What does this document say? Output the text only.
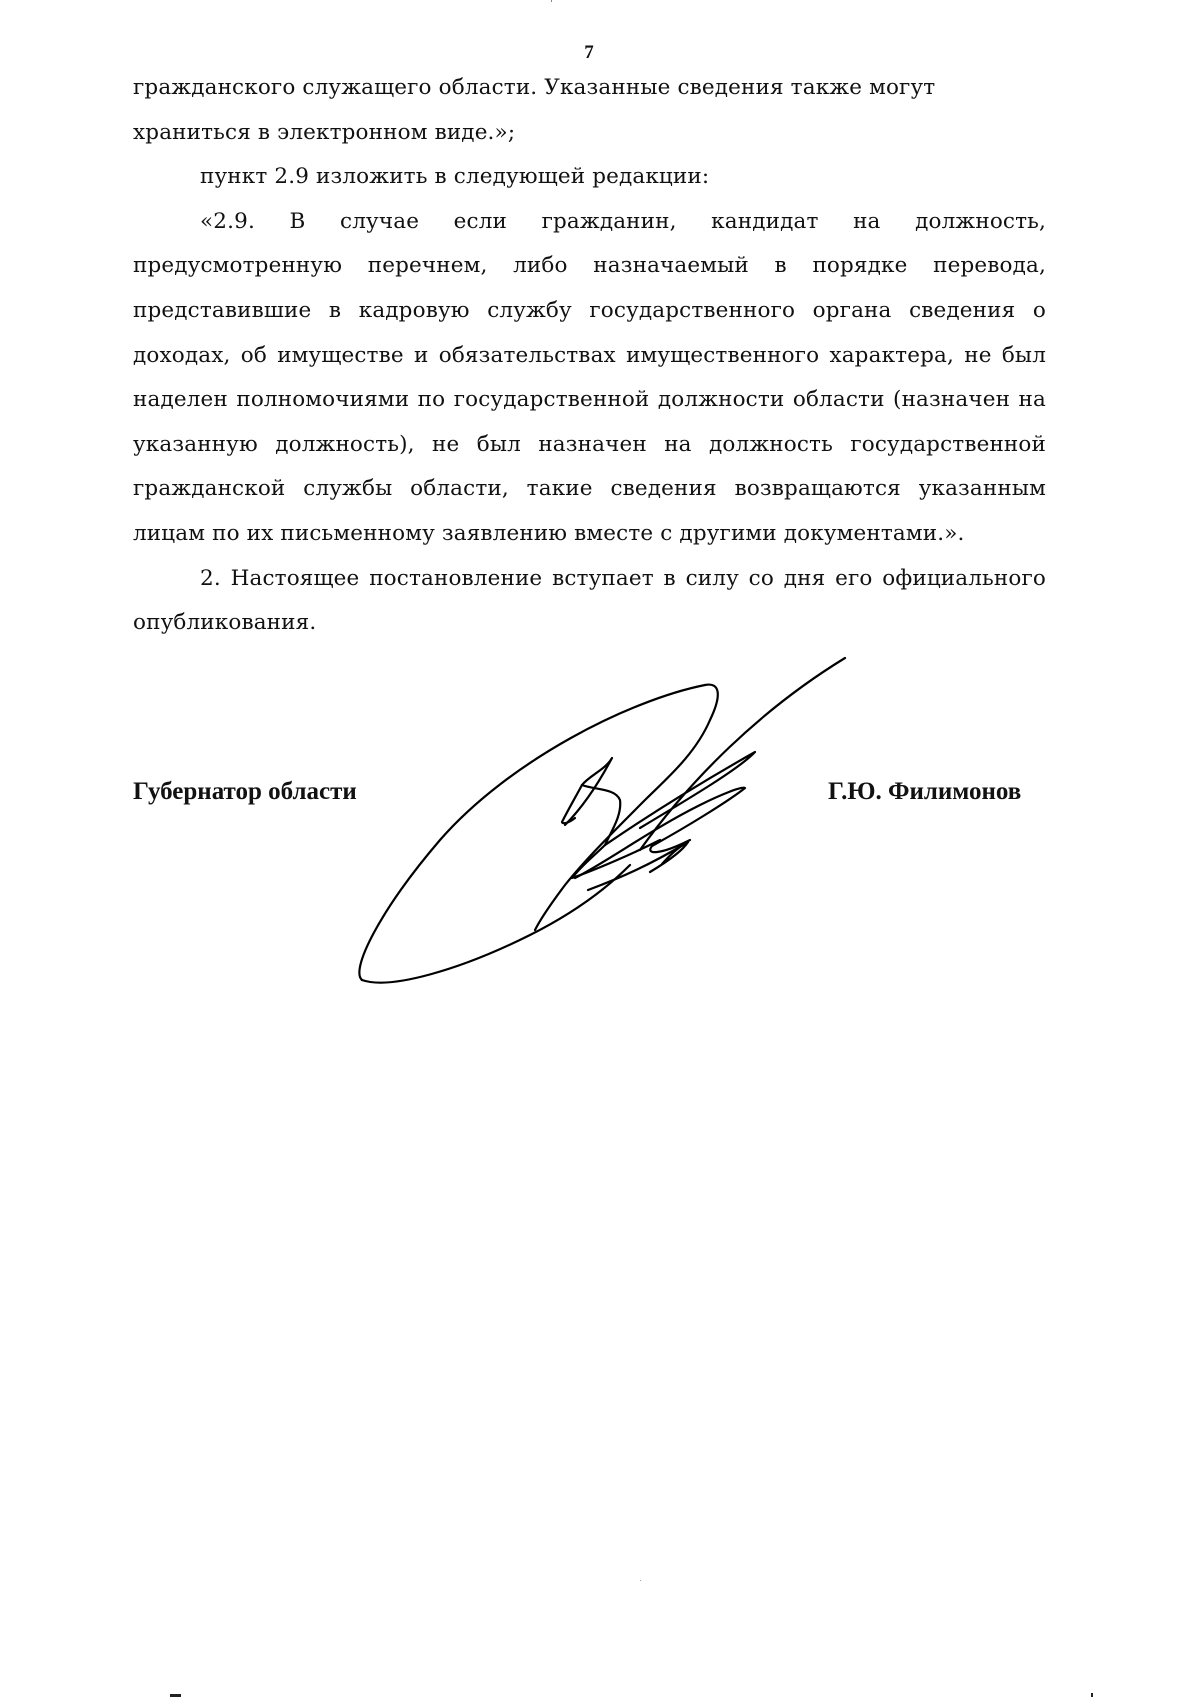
7

гражданского служащего области. Указанные сведения также могут храниться в электронном виде.»;

пункт 2.9 изложить в следующей редакции:

«2.9. В случае если гражданин, кандидат на должность, предусмотренную перечнем, либо назначаемый в порядке перевода, представившие в кадровую службу государственного органа сведения о доходах, об имуществе и обязательствах имущественного характера, не был наделен полномочиями по государственной должности области (назначен на указанную должность), не был назначен на должность государственной гражданской службы области, такие сведения возвращаются указанным лицам по их письменному заявлению вместе с другими документами.».

2. Настоящее постановление вступает в силу со дня его официального опубликования.

Губернатор области	Г.Ю. Филимонов
